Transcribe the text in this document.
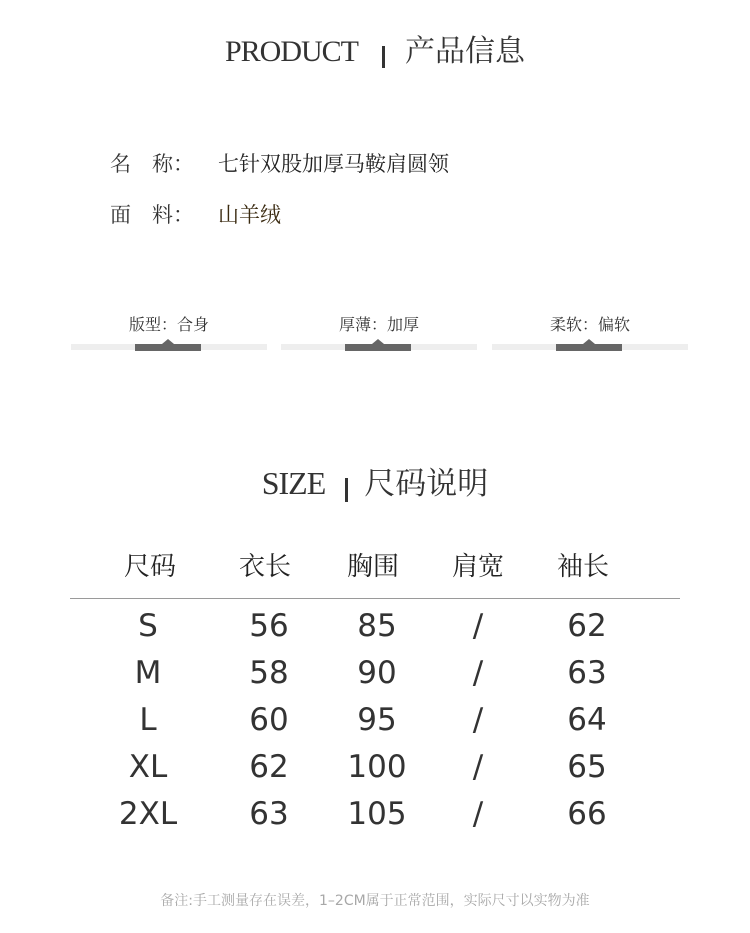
PRODUCT 产品信息
名　称： 七针双股加厚马鞍肩圆领
面　料： 山羊绒
版型：合身	厚薄：加厚	柔软：偏软
SIZE 尺码说明
尺码	衣长	胸围	肩宽	袖长
S	56	85	/	62
M	58	90	/	63
L	60	95	/	64
XL	62	100	/	65
2XL	63	105	/	66
备注:手工测量存在误差，1–2CM属于正常范围，实际尺寸以实物为准
